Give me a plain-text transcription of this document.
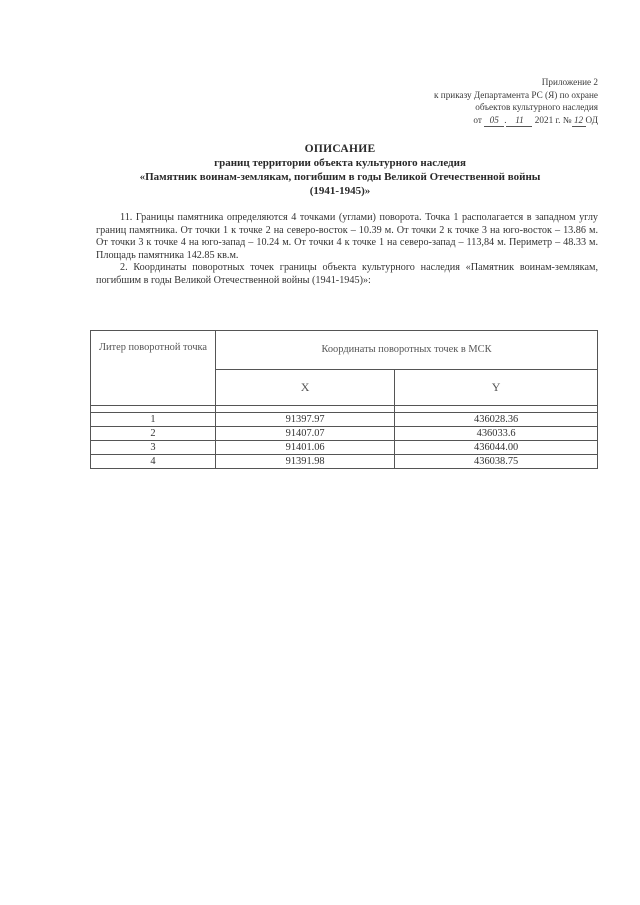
Приложение 2
к приказу Департамента РС (Я) по охране
объектов культурного наследия
от 05 . 11 2021 г. № 12 ОД
ОПИСАНИЕ
границ территории объекта культурного наследия
«Памятник воинам-землякам, погибшим в годы Великой Отечественной войны
(1941-1945)»

11. Границы памятника определяются 4 точками (углами) поворота. Точка 1 располагается в западном углу границ памятника. От точки 1 к точке 2 на северо-восток – 10.39 м. От точки 2 к точке 3 на юго-восток – 13.86 м. От точки 3 к точке 4 на юго-запад – 10.24 м. От точки 4 к точке 1 на северо-запад – 113,84 м. Периметр – 48.33 м. Площадь памятника 142.85 кв.м.

2. Координаты поворотных точек границы объекта культурного наследия «Памятник воинам-землякам, погибшим в годы Великой Отечественной войны (1941-1945)»:

Литер поворотной точка	Координаты поворотных точек в МСК	
	X	Y

1	91397.97	436028.36
2	91407.07	436033.6
3	91401.06	436044.00
4	91391.98	436038.75
